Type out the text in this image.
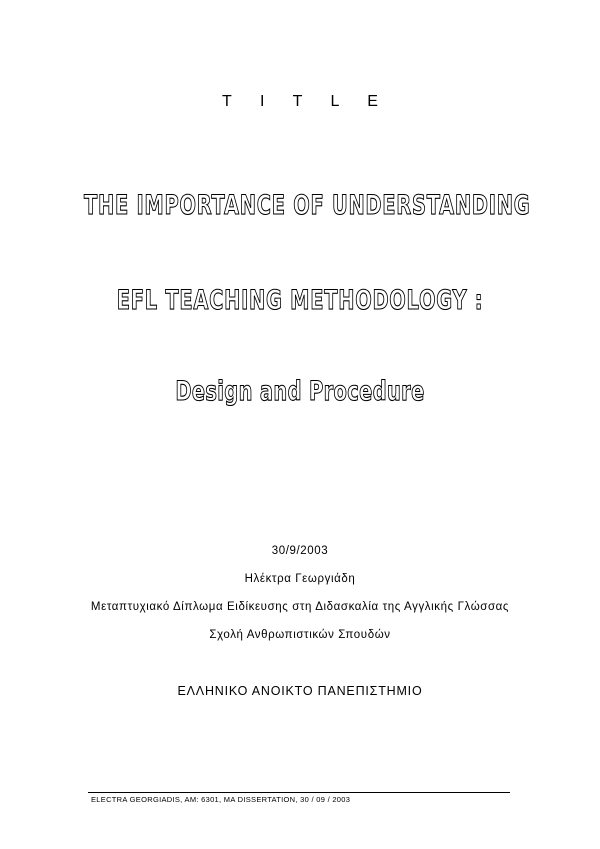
T I T L E
THE IMPORTANCE OF UNDERSTANDING
EFL TEACHING METHODOLOGY :
Design and Procedure
30/9/2003
Ηλέκτρα Γεωργιάδη
Μεταπτυχιακό Δίπλωμα Ειδίκευσης στη Διδασκαλία της Αγγλικής Γλώσσας
Σχολή Ανθρωπιστικών Σπουδών
ΕΛΛΗΝΙΚΟ ΑΝΟΙΚΤΟ ΠΑΝΕΠΙΣΤΗΜΙΟ
ELECTRA GEORGIADIS, AM: 6301, MA DISSERTATION, 30 / 09 / 2003
